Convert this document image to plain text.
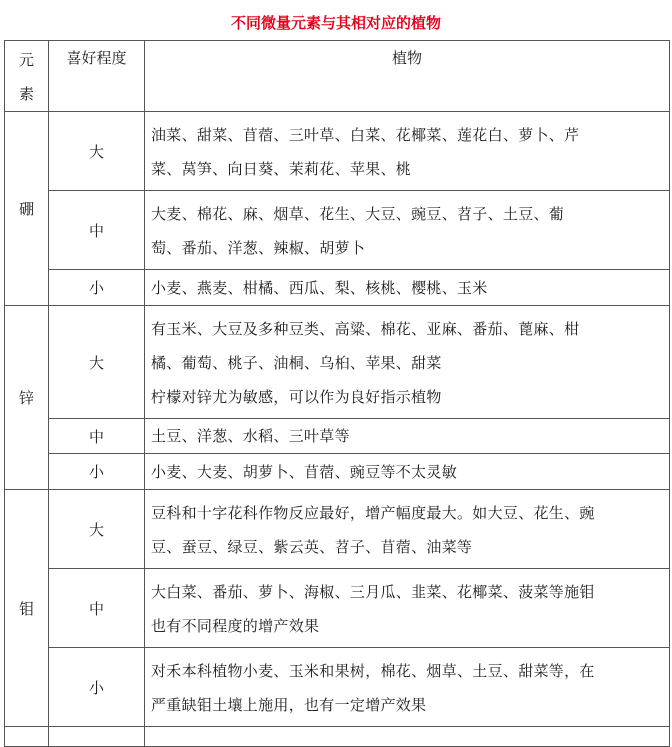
不同微量元素与其相对应的植物
元
素	喜好程度	植物
硼	大	油菜、甜菜、苜蓿、三叶草、白菜、花椰菜、莲花白、萝卜、芹
菜、莴笋、向日葵、茉莉花、苹果、桃

	中	大麦、棉花、麻、烟草、花生、大豆、豌豆、苕子、土豆、葡
萄、番茄、洋葱、辣椒、胡萝卜

	小	小麦、燕麦、柑橘、西瓜、梨、核桃、樱桃、玉米

锌	大	有玉米、大豆及多种豆类、高粱、棉花、亚麻、番茄、蓖麻、柑
橘、葡萄、桃子、油桐、乌桕、苹果、甜菜
柠檬对锌尤为敏感，可以作为良好指示植物

	中	土豆、洋葱、水稻、三叶草等

	小	小麦、大麦、胡萝卜、苜蓿、豌豆等不太灵敏

钼	大	豆科和十字花科作物反应最好，增产幅度最大。如大豆、花生、豌
豆、蚕豆、绿豆、紫云英、苕子、苜蓿、油菜等

	中	大白菜、番茄、萝卜、海椒、三月瓜、韭菜、花椰菜、菠菜等施钼
也有不同程度的增产效果

	小	对禾本科植物小麦、玉米和果树，棉花、烟草、土豆、甜菜等，在
严重缺钼土壤上施用，也有一定增产效果
